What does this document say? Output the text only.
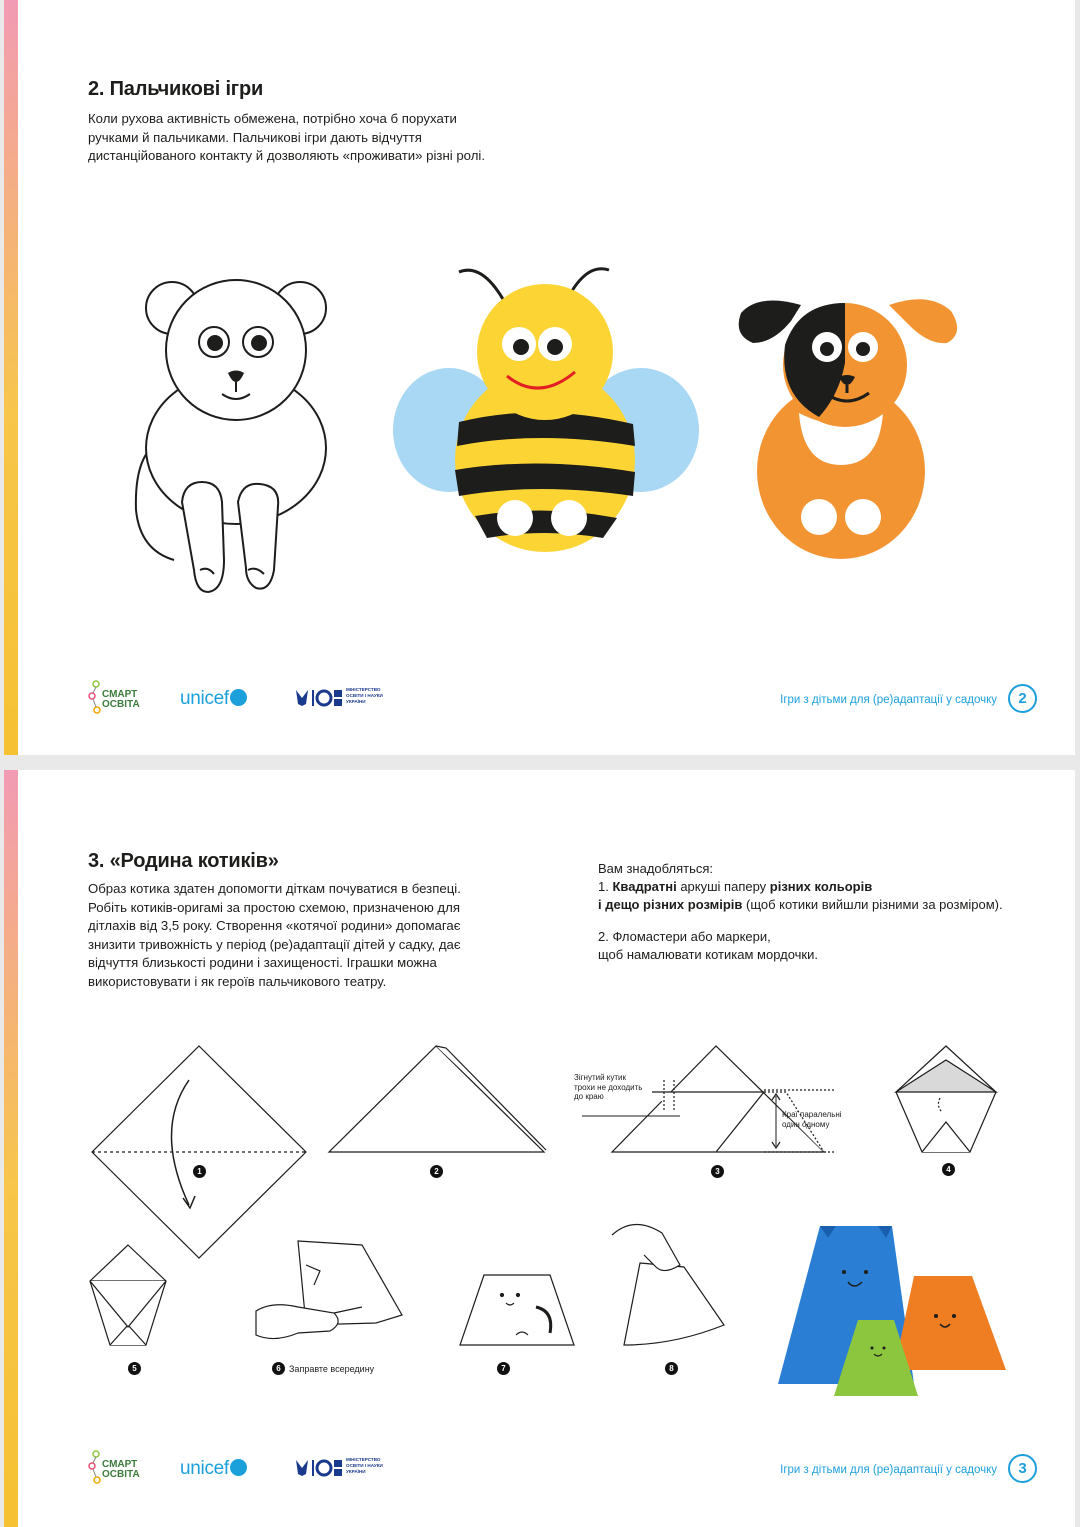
2. Пальчикові ігри
Коли рухова активність обмежена, потрібно хоча б порухати
ручками й пальчиками. Пальчикові ігри дають відчуття
дистанційованого контакту й дозволяють «проживати» різні ролі.
СМАРТ
ОСВІТА unicef	МІНІСТЕРСТВО
ОСВІТИ І НАУКИ
УКРАЇНИ	Ігри з дітьми для (ре)адаптації у садочку	2
3. «Родина котиків»
Образ котика здатен допомогти діткам почуватися в безпеці.
Робіть котиків-оригамі за простою схемою, призначеною для
дітлахів від 3,5 року. Створення «котячої родини» допомагає
знизити тривожність у період (ре)адаптації дітей у садку, дає
відчуття близькості родини і захищеності. Іграшки можна
використовувати і як героїв пальчикового театру.
Вам знадобляться:
1. Квадратні аркуші паперу різних кольорів
і дещо різних розмірів (щоб котики вийшли різними за розміром).
2. Фломастери або маркери,
щоб намалювати котикам мордочки.
Зігнутий кутик
трохи не доходить
до краю
Краї паралельні
один одному
1	2	3	4
5	6 Заправте всередину	7	8
СМАРТ
ОСВІТА unicef	МІНІСТЕРСТВО
ОСВІТИ І НАУКИ
УКРАЇНИ	Ігри з дітьми для (ре)адаптації у садочку	3
